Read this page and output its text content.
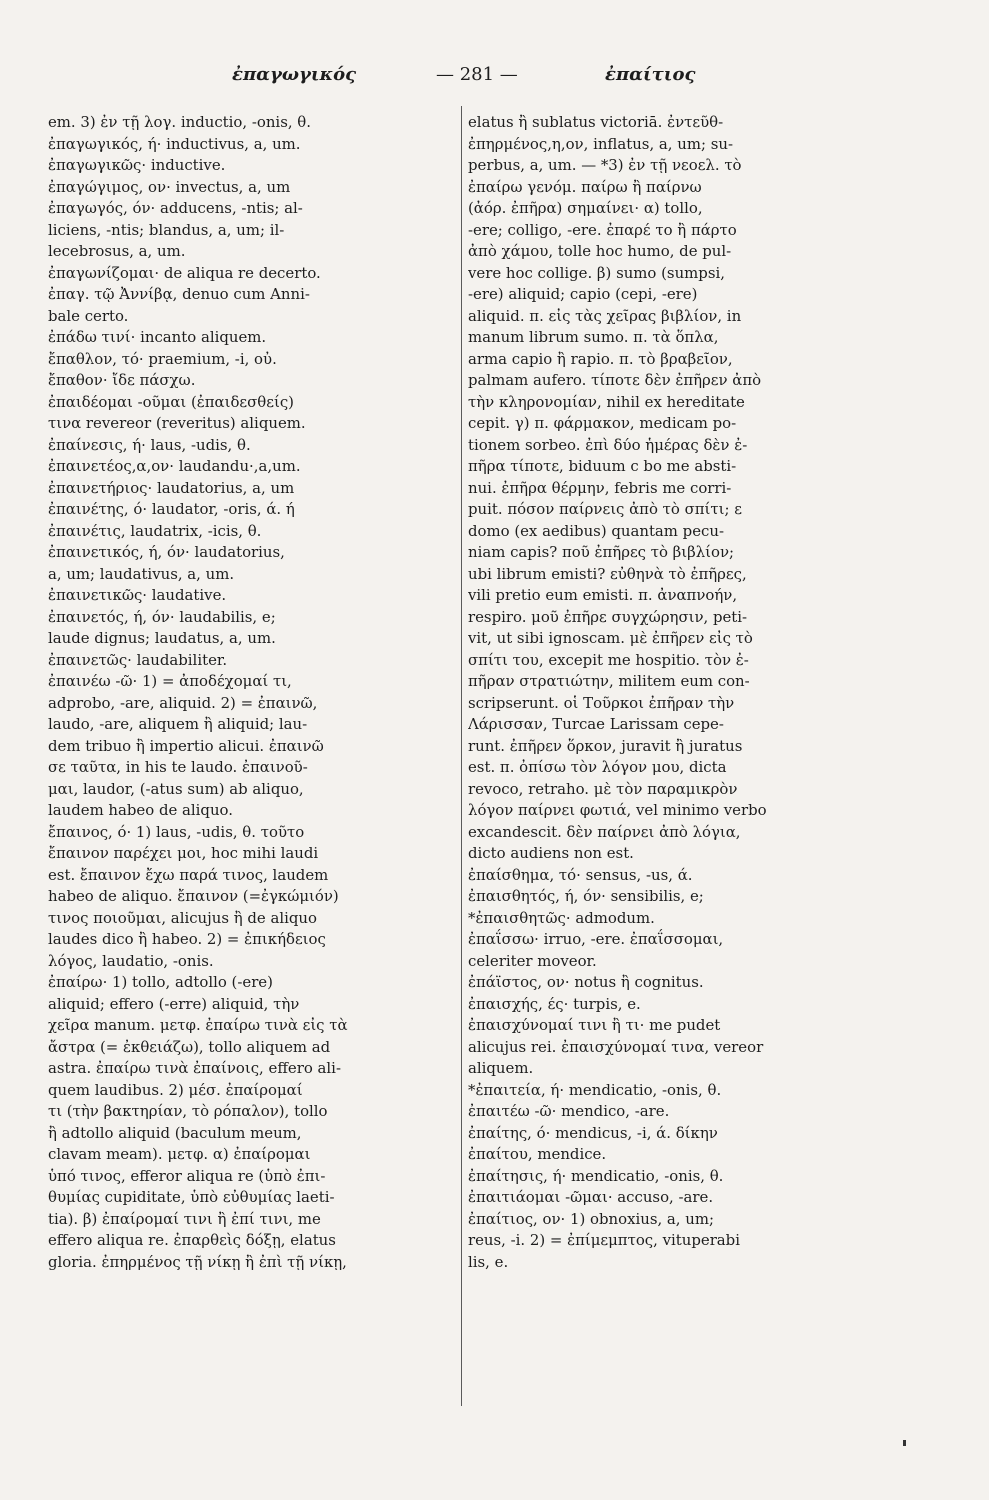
ἐπαγωγικός	— 281 —	ἐπαίτιος
em. 3) ἐν τῇ λογ. inductio, -onis, θ.
ἐπαγωγικός, ή· inductivus, a, um.
ἐπαγωγικῶς· inductive.
ἐπαγώγιμος, ον· invectus, a, um
ἐπαγωγός, όν· adducens, -ntis; al-
liciens, -ntis; blandus, a, um; il-
lecebrosus, a, um.
ἐπαγωνίζομαι· de aliqua re decerto.
ἐπαγ. τῷ Ἀννίβᾳ, denuo cum Anni-
bale certo.
ἐπάδω τινί· incanto aliquem.
ἔπαθλον, τό· praemium, -i, οὐ.
ἔπαθον· ἴδε πάσχω.
ἐπαιδέομαι -οῦμαι (ἐπαιδεσθείς)
τινα revereor (reveritus) aliquem.
ἐπαίνεσις, ή· laus, -udis, θ.
ἐπαινετέος,α,ον· laudandu·,a,um.
ἐπαινετήριος· laudatorius, a, um
ἐπαινέτης, ό· laudator, -oris, ά. ή
ἐπαινέτις, laudatrix, -icis, θ.
ἐπαινετικός, ή, όν· laudatorius,
a, um; laudativus, a, um.
ἐπαινετικῶς· laudative.
ἐπαινετός, ή, όν· laudabilis, e;
laude dignus; laudatus, a, um.
ἐπαινετῶς· laudabiliter.
ἐπαινέω -ῶ· 1) = ἀποδέχομαί τι,
adprobo, -are, aliquid. 2) = ἐπαινῶ,
laudo, -are, aliquem ἢ aliquid; lau-
dem tribuo ἢ impertio alicui. ἐπαινῶ
σε ταῦτα, in his te laudo. ἐπαινοῦ-
μαι, laudor, (-atus sum) ab aliquo,
laudem habeo de aliquo.
ἔπαινος, ό· 1) laus, -udis, θ. τοῦτο
ἔπαινον παρέχει μοι, hoc mihi laudi
est. ἔπαινον ἔχω παρά τινος, laudem
habeo de aliquo. ἔπαινον (=ἐγκώμιόν)
τινος ποιοῦμαι, alicujus ἢ de aliquo
laudes dico ἢ habeo. 2) = ἐπικήδειος
λόγος, laudatio, -onis.
ἐπαίρω· 1) tollo, adtollo (-ere)
aliquid; effero (-erre) aliquid, τὴν
χεῖρα manum. μετφ. ἐπαίρω τινὰ εἰς τὰ
ἄστρα (= ἐκθειάζω), tollo aliquem ad
astra. ἐπαίρω τινὰ ἐπαίνοις, effero ali-
quem laudibus. 2) μέσ. ἐπαίρομαί
τι (τὴν βακτηρίαν, τὸ ρόπαλον), tollo
ἢ adtollo aliquid (baculum meum,
clavam meam). μετφ. α) ἐπαίρομαι
ὑπό τινος, efferor aliqua re (ὑπὸ ἐπι-
θυμίας cupiditate, ὑπὸ εὐθυμίας laeti-
tia). β) ἐπαίρομαί τινι ἢ ἐπί τινι, me
effero aliqua re. ἐπαρθεὶς δόξῃ, elatus
gloria. ἐπηρμένος τῇ νίκῃ ἢ ἐπὶ τῇ νίκῃ,
elatus ἢ sublatus victoriā. ἐντεῦθ-
ἐπηρμένος,η,ον, inflatus, a, um; su-
perbus, a, um. — *3) ἐν τῇ νεοελ. τὸ
ἐπαίρω γενόμ. παίρω ἢ παίρνω
(ἀόρ. ἐπῆρα) σημαίνει· α) tollo,
-ere; colligo, -ere. ἐπαρέ το ἢ πάρτο
ἀπὸ χάμου, tolle hoc humo, de pul-
vere hoc collige. β) sumo (sumpsi,
-ere) aliquid; capio (cepi, -ere)
aliquid. π. εἰς τὰς χεῖρας βιβλίον, in
manum librum sumo. π. τὰ ὅπλα,
arma capio ἢ rapio. π. τὸ βραβεῖον,
palmam aufero. τίποτε δὲν ἐπῆρεν ἀπὸ
τὴν κληρονομίαν, nihil ex hereditate
cepit. γ) π. φάρμακον, medicam po-
tionem sorbeo. ἐπὶ δύο ἡμέρας δὲν ἐ-
πῆρα τίποτε, biduum c bo me absti-
nui. ἐπῆρα θέρμην, febris me corri-
puit. πόσον παίρνεις ἀπὸ τὸ σπίτι; ε
domo (ex aedibus) quantam pecu-
niam capis? ποῦ ἐπῆρες τὸ βιβλίον;
ubi librum emisti? εὐθηνὰ τὸ ἐπῆρες,
vili pretio eum emisti. π. ἀναπνοήν,
respiro. μοῦ ἐπῆρε συγχώρησιν, peti-
vit, ut sibi ignoscam. μὲ ἐπῆρεν εἰς τὸ
σπίτι του, excepit me hospitio. τὸν ἐ-
πῆραν στρατιώτην, militem eum con-
scripserunt. οἱ Τοῦρκοι ἐπῆραν τὴν
Λάρισσαν, Turcae Larissam cepe-
runt. ἐπῆρεν ὅρκον, juravit ἢ juratus
est. π. ὀπίσω τὸν λόγον μου, dicta
revoco, retraho. μὲ τὸν παραμικρὸν
λόγον παίρνει φωτιά, vel minimo verbo
excandescit. δὲν παίρνει ἀπὸ λόγια,
dicto audiens non est.
ἐπαίσθημα, τό· sensus, -us, ά.
ἐπαισθητός, ή, όν· sensibilis, e;
*ἐπαισθητῶς· admodum.
ἐπαΐσσω· irruo, -ere. ἐπαΐσσομαι,
celeriter moveor.
ἐπάϊστος, ον· notus ἢ cognitus.
ἐπαισχής, ές· turpis, e.
ἐπαισχύνομαί τινι ἢ τι· me pudet
alicujus rei. ἐπαισχύνομαί τινα, vereor
aliquem.
*ἐπαιτεία, ή· mendicatio, -onis, θ.
ἐπαιτέω -ῶ· mendico, -are.
ἐπαίτης, ό· mendicus, -i, ά. δίκην
ἐπαίτου, mendice.
ἐπαίτησις, ή· mendicatio, -onis, θ.
ἐπαιτιάομαι -ῶμαι· accuso, -are.
ἐπαίτιος, ον· 1) obnoxius, a, um;
reus, -i. 2) = ἐπίμεμπτος, vituperabi
lis, e.
